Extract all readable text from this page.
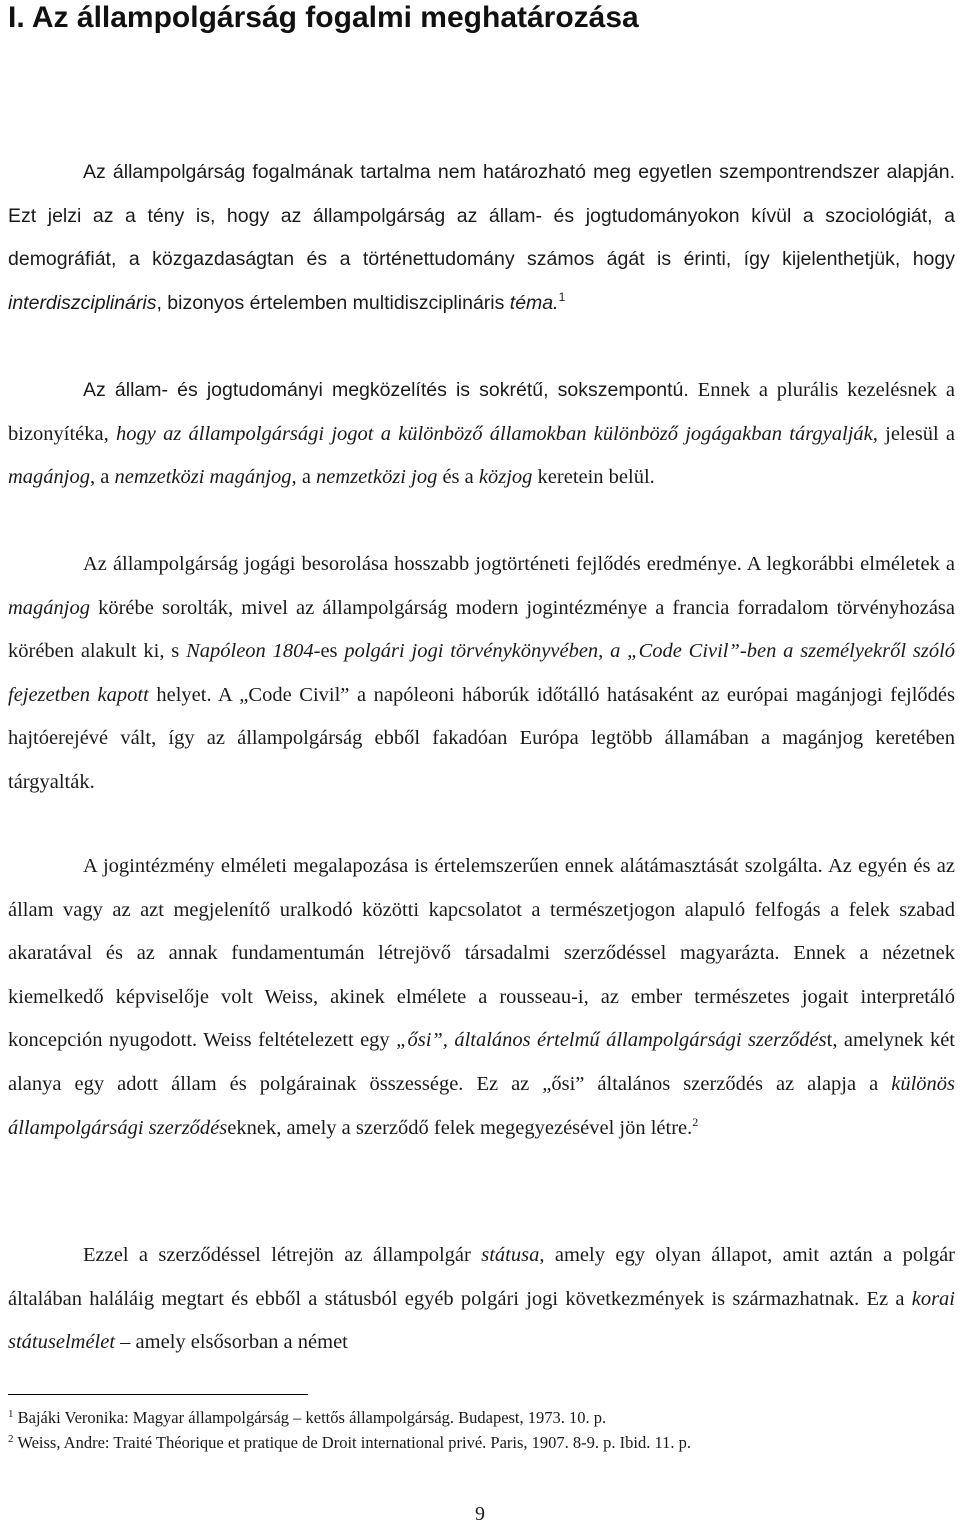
I. Az állampolgárság fogalmi meghatározása

Az állampolgárság fogalmának tartalma nem határozható meg egyetlen szempontrendszer alapján. Ezt jelzi az a tény is, hogy az állampolgárság az állam- és jogtudományokon kívül a szociológiát, a demográfiát, a közgazdaságtan és a történettudomány számos ágát is érinti, így kijelenthetjük, hogy interdiszciplináris, bizonyos értelemben multidiszciplináris téma.$^1$

Az állam- és jogtudományi megközelítés is sokrétű, sokszempontú. Ennek a plurális kezelésnek a bizonyítéka, hogy az állampolgársági jogot a különböző államokban különböző jogágakban tárgyalják, jelesül a magánjog, a nemzetközi magánjog, a nemzetközi jog és a közjog keretein belül.

Az állampolgárság jogági besorolása hosszabb jogtörténeti fejlődés eredménye. A legkorábbi elméletek a magánjog körébe sorolták, mivel az állampolgárság modern jogintézménye a francia forradalom törvényhozása körében alakult ki, s Napóleon 1804-es polgári jogi törvénykönyvében, a „Code Civil”-ben a személyekről szóló fejezetben kapott helyet. A „Code Civil” a napóleoni háborúk időtálló hatásaként az európai magánjogi fejlődés hajtóerejévé vált, így az állampolgárság ebből fakadóan Európa legtöbb államában a magánjog keretében tárgyalták.

A jogintézmény elméleti megalapozása is értelemszerűen ennek alátámasztását szolgálta. Az egyén és az állam vagy az azt megjelenítő uralkodó közötti kapcsolatot a természetjogon alapuló felfogás a felek szabad akaratával és az annak fundamentumán létrejövő társadalmi szerződéssel magyarázta. Ennek a nézetnek kiemelkedő képviselője volt Weiss, akinek elmélete a rousseau-i, az ember természetes jogait interpretáló koncepción nyugodott. Weiss feltételezett egy „ősi”, általános értelmű állampolgársági szerződést, amelynek két alanya egy adott állam és polgárainak összessége. Ez az „ősi” általános szerződés az alapja a különös állampolgársági szerződéseknek, amely a szerződő felek megegyezésével jön létre.$^2$

Ezzel a szerződéssel létrejön az állampolgár státusa, amely egy olyan állapot, amit aztán a polgár általában haláláig megtart és ebből a státusból egyéb polgári jogi következmények is származhatnak. Ez a korai státuselmélet – amely elsősorban a német

$^1$ Bajáki Veronika: Magyar állampolgárság – kettős állampolgárság. Budapest, 1973. 10. p.

$^2$ Weiss, Andre: Traité Théorique et pratique de Droit international privé. Paris, 1907. 8-9. p. Ibid. 11. p.

9
